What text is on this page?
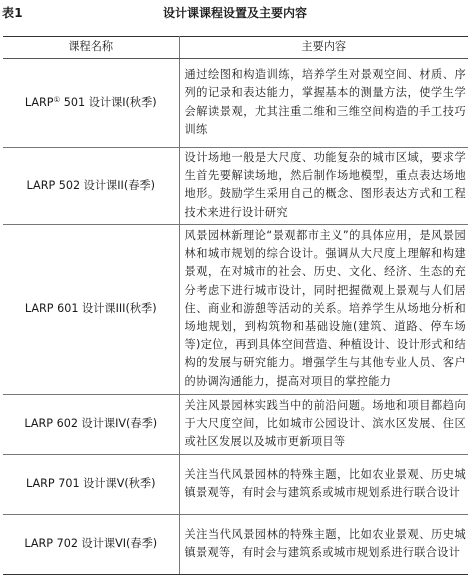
表1	设计课课程设置及主要内容
课程名称	主要内容
LARP① 501 设计课I(秋季)	通过绘图和构造训练，培养学生对景观空间、材质、序列的记录和表达能力，掌握基本的测量方法，使学生学会解读景观，尤其注重二维和三维空间构造的手工技巧训练
LARP 502 设计课II(春季)	设计场地一般是大尺度、功能复杂的城市区域，要求学生首先要解读场地，然后制作场地模型，重点表达场地地形。鼓励学生采用自己的概念、图形表达方式和工程技术来进行设计研究
LARP 601 设计课III(秋季)	风景园林新理论“景观都市主义”的具体应用，是风景园林和城市规划的综合设计。强调从大尺度上理解和构建景观，在对城市的社会、历史、文化、经济、生态的充分考虑下进行城市设计，同时把握微观上景观与人们居住、商业和游憩等活动的关系。培养学生从场地分析和场地规划，到构筑物和基础设施(建筑、道路、停车场等)定位，再到具体空间营造、种植设计、设计形式和结构的发展与研究能力。增强学生与其他专业人员、客户的协调沟通能力，提高对项目的掌控能力
LARP 602 设计课IV(春季)	关注风景园林实践当中的前沿问题。场地和项目都趋向于大尺度空间，比如城市公园设计、滨水区发展、住区或社区发展以及城市更新项目等
LARP 701 设计课V(秋季)	关注当代风景园林的特殊主题，比如农业景观、历史城镇景观等，有时会与建筑系或城市规划系进行联合设计
LARP 702 设计课VI(春季)	关注当代风景园林的特殊主题，比如农业景观、历史城镇景观等，有时会与建筑系或城市规划系进行联合设计
